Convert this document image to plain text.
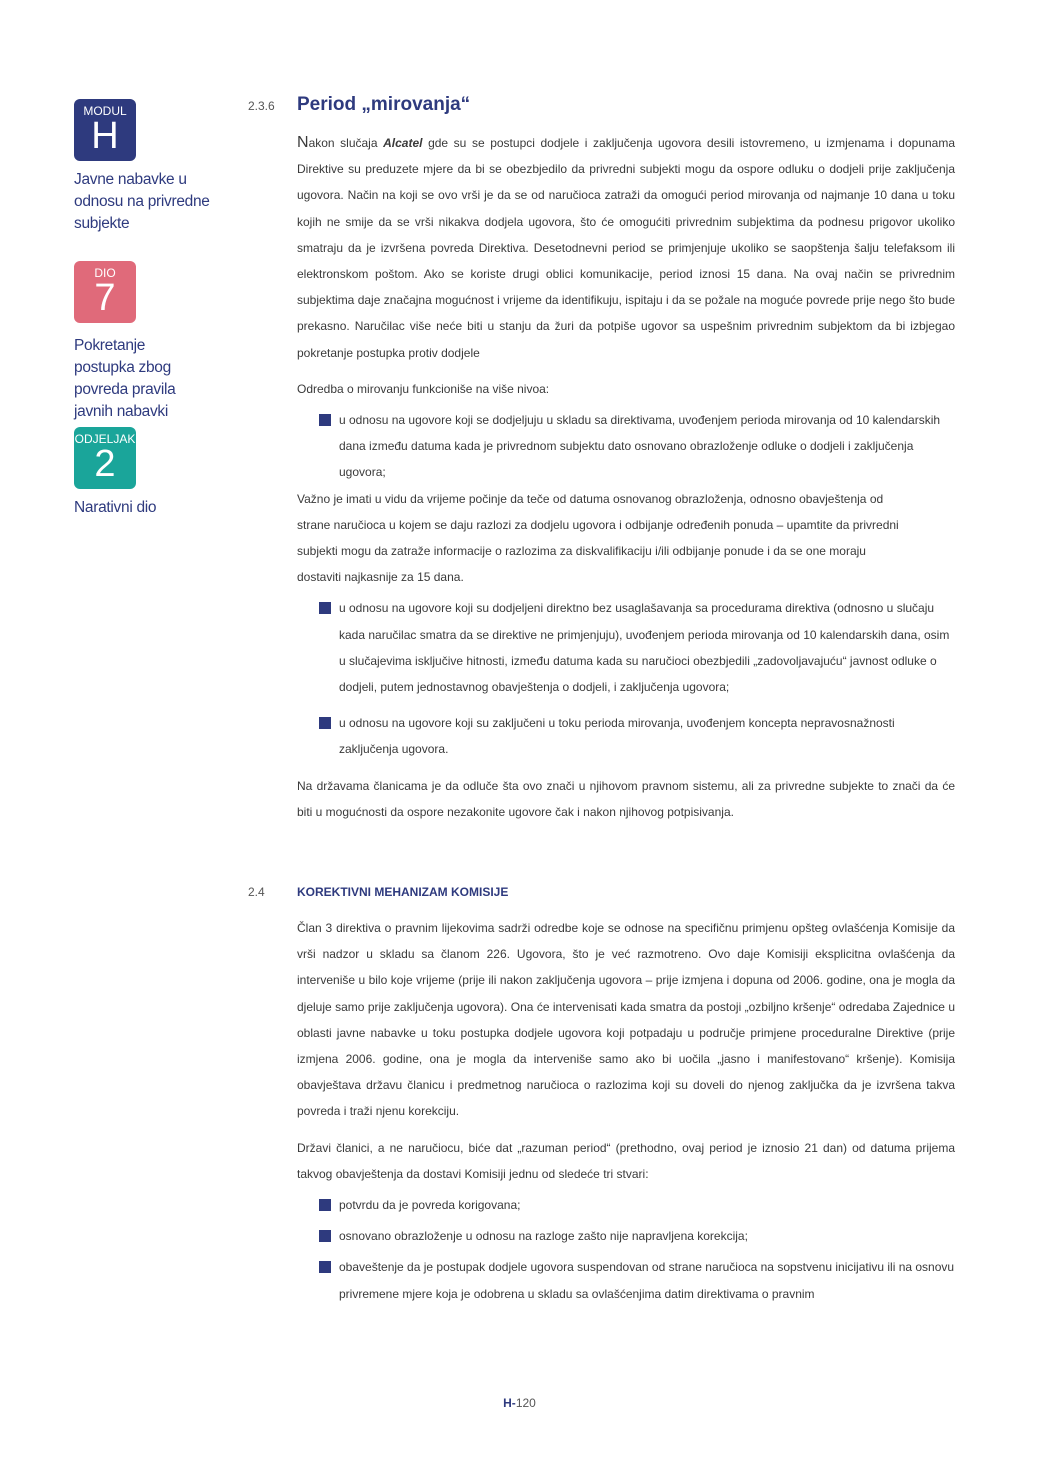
MODUL
H

Javne nabavke u odnosu na privredne subjekte

DIO
7

Pokretanje postupka zbog povreda pravila javnih nabavki

ODJELJAK
2

Narativni dio

2.3.6 Period „mirovanja“

Nakon slučaja Alcatel gde su se postupci dodjele i zaključenja ugovora desili istovremeno, u izmjenama i dopunama Direktive su preduzete mjere da bi se obezbjedilo da privredni subjekti mogu da ospore odluku o dodjeli prije zaključenja ugovora. Način na koji se ovo vrši je da se od naručioca zatraži da omogući period mirovanja od najmanje 10 dana u toku kojih ne smije da se vrši nikakva dodjela ugovora, što će omogućiti privrednim subjektima da podnesu prigovor ukoliko smatraju da je izvršena povreda Direktiva. Desetodnevni period se primjenjuje ukoliko se saopštenja šalju telefaksom ili elektronskom poštom. Ako se koriste drugi oblici komunikacije, period iznosi 15 dana. Na ovaj način se privrednim subjektima daje značajna mogućnost i vrijeme da identifikuju, ispitaju i da se požale na moguće povrede prije nego što bude prekasno. Naručilac više neće biti u stanju da žuri da potpiše ugovor sa uspešnim privrednim subjektom da bi izbjegao pokretanje postupka protiv dodjele

Odredba o mirovanju funkcioniše na više nivoa:

u odnosu na ugovore koji se dodjeljuju u skladu sa direktivama, uvođenjem perioda mirovanja od 10 kalendarskih dana između datuma kada je privrednom subjektu dato osnovano obrazloženje odluke o dodjeli i zaključenja ugovora;

Važno je imati u vidu da vrijeme počinje da teče od datuma osnovanog obrazloženja, odnosno obavještenja od strane naručioca u kojem se daju razlozi za dodjelu ugovora i odbijanje određenih ponuda – upamtite da privredni subjekti mogu da zatraže informacije o razlozima za diskvalifikaciju i/ili odbijanje ponude i da se one moraju dostaviti najkasnije za 15 dana.

u odnosu na ugovore koji su dodjeljeni direktno bez usaglašavanja sa procedurama direktiva (odnosno u slučaju kada naručilac smatra da se direktive ne primjenjuju), uvođenjem perioda mirovanja od 10 kalendarskih dana, osim u slučajevima isključive hitnosti, između datuma kada su naručioci obezbjedili „zadovoljavajuću“ javnost odluke o dodjeli, putem jednostavnog obavještenja o dodjeli, i zaključenja ugovora;
u odnosu na ugovore koji su zaključeni u toku perioda mirovanja, uvođenjem koncepta nepravosnažnosti zaključenja ugovora.

Na državama članicama je da odluče šta ovo znači u njihovom pravnom sistemu, ali za privredne subjekte to znači da će biti u mogućnosti da ospore nezakonite ugovore čak i nakon njihovog potpisivanja.

2.4	KOREKTIVNI MEHANIZAM KOMISIJE

Član 3 direktiva o pravnim lijekovima sadrži odredbe koje se odnose na specifičnu primjenu opšteg ovlašćenja Komisije da vrši nadzor u skladu sa članom 226. Ugovora, što je već razmotreno. Ovo daje Komisiji eksplicitna ovlašćenja da interveniše u bilo koje vrijeme (prije ili nakon zaključenja ugovora – prije izmjena i dopuna od 2006. godine, ona je mogla da djeluje samo prije zaključenja ugovora). Ona će intervenisati kada smatra da postoji „ozbiljno kršenje“ odredaba Zajednice u oblasti javne nabavke u toku postupka dodjele ugovora koji potpadaju u područje primjene proceduralne Direktive (prije izmjena 2006. godine, ona je mogla da interveniše samo ako bi uočila „jasno i manifestovano“ kršenje). Komisija obavještava državu članicu i predmetnog naručioca o razlozima koji su doveli do njenog zaključka da je izvršena takva povreda i traži njenu korekciju.

Državi članici, a ne naručiocu, biće dat „razuman period“ (prethodno, ovaj period je iznosio 21 dan) od datuma prijema takvog obavještenja da dostavi Komisiji jednu od sledeće tri stvari:

potvrdu da je povreda korigovana;
osnovano obrazloženje u odnosu na razloge zašto nije napravljena korekcija;
obaveštenje da je postupak dodjele ugovora suspendovan od strane naručioca na sopstvenu inicijativu ili na osnovu privremene mjere koja je odobrena u skladu sa ovlašćenjima datim direktivama o pravnim
H-120
